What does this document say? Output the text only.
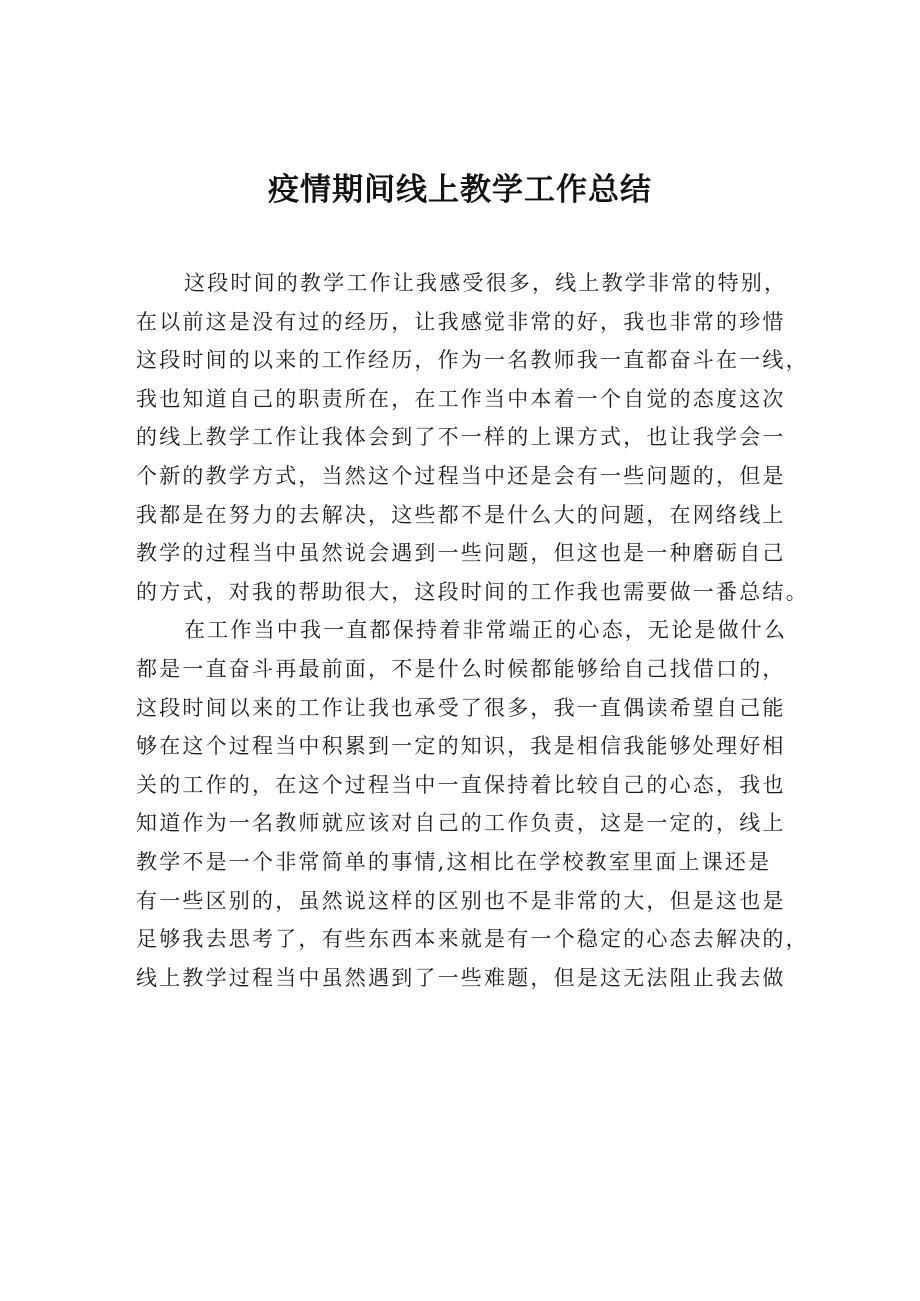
疫情期间线上教学工作总结

这段时间的教学工作让我感受很多，线上教学非常的特别，
在以前这是没有过的经历，让我感觉非常的好，我也非常的珍惜
这段时间的以来的工作经历，作为一名教师我一直都奋斗在一线，
我也知道自己的职责所在，在工作当中本着一个自觉的态度这次
的线上教学工作让我体会到了不一样的上课方式，也让我学会一
个新的教学方式，当然这个过程当中还是会有一些问题的，但是
我都是在努力的去解决，这些都不是什么大的问题，在网络线上
教学的过程当中虽然说会遇到一些问题，但这也是一种磨砺自己
的方式，对我的帮助很大，这段时间的工作我也需要做一番总结。

在工作当中我一直都保持着非常端正的心态，无论是做什么
都是一直奋斗再最前面，不是什么时候都能够给自己找借口的，
这段时间以来的工作让我也承受了很多，我一直偶读希望自己能
够在这个过程当中积累到一定的知识，我是相信我能够处理好相
关的工作的，在这个过程当中一直保持着比较自己的心态，我也
知道作为一名教师就应该对自己的工作负责，这是一定的，线上
教学不是一个非常简单的事情,这相比在学校教室里面上课还是
有一些区别的，虽然说这样的区别也不是非常的大，但是这也是
足够我去思考了，有些东西本来就是有一个稳定的心态去解决的，
线上教学过程当中虽然遇到了一些难题，但是这无法阻止我去做
